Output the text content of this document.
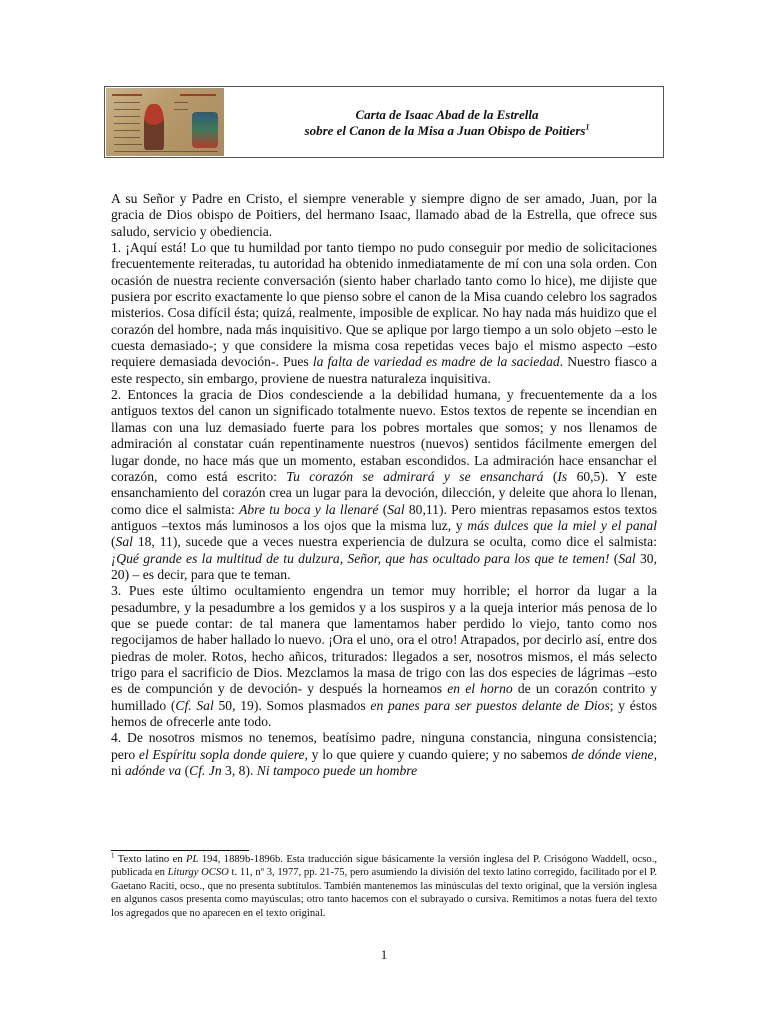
Carta de Isaac Abad de la Estrella
sobre el Canon de la Misa a Juan Obispo de Poitiers$^1$

A su Señor y Padre en Cristo, el siempre venerable y siempre digno de ser amado, Juan, por la gracia de Dios obispo de Poitiers, del hermano Isaac, llamado abad de la Estrella, que ofrece sus saludo, servicio y obediencia.

1. ¡Aquí está! Lo que tu humildad por tanto tiempo no pudo conseguir por medio de solicitaciones frecuentemente reiteradas, tu autoridad ha obtenido inmediatamente de mí con una sola orden. Con ocasión de nuestra reciente conversación (siento haber charlado tanto como lo hice), me dijiste que pusiera por escrito exactamente lo que pienso sobre el canon de la Misa cuando celebro los sagrados misterios. Cosa difícil ésta; quizá, realmente, imposible de explicar. No hay nada más huidizo que el corazón del hombre, nada más inquisitivo. Que se aplique por largo tiempo a un solo objeto –esto le cuesta demasiado-; y que considere la misma cosa repetidas veces bajo el mismo aspecto –esto requiere demasiada devoción-. Pues la falta de variedad es madre de la saciedad. Nuestro fiasco a este respecto, sin embargo, proviene de nuestra naturaleza inquisitiva.

2. Entonces la gracia de Dios condesciende a la debilidad humana, y frecuentemente da a los antiguos textos del canon un significado totalmente nuevo. Estos textos de repente se incendian en llamas con una luz demasiado fuerte para los pobres mortales que somos; y nos llenamos de admiración al constatar cuán repentinamente nuestros (nuevos) sentidos fácilmente emergen del lugar donde, no hace más que un momento, estaban escondidos. La admiración hace ensanchar el corazón, como está escrito: Tu corazón se admirará y se ensanchará (Is 60,5). Y este ensanchamiento del corazón crea un lugar para la devoción, dilección, y deleite que ahora lo llenan, como dice el salmista: Abre tu boca y la llenaré (Sal 80,11). Pero mientras repasamos estos textos antiguos –textos más luminosos a los ojos que la misma luz, y más dulces que la miel y el panal (Sal 18, 11), sucede que a veces nuestra experiencia de dulzura se oculta, como dice el salmista: ¡Qué grande es la multitud de tu dulzura, Señor, que has ocultado para los que te temen! (Sal 30, 20) – es decir, para que te teman.

3. Pues este último ocultamiento engendra un temor muy horrible; el horror da lugar a la pesadumbre, y la pesadumbre a los gemidos y a los suspiros y a la queja interior más penosa de lo que se puede contar: de tal manera que lamentamos haber perdido lo viejo, tanto como nos regocijamos de haber hallado lo nuevo. ¡Ora el uno, ora el otro! Atrapados, por decirlo así, entre dos piedras de moler. Rotos, hecho añicos, triturados: llegados a ser, nosotros mismos, el más selecto trigo para el sacrificio de Dios. Mezclamos la masa de trigo con las dos especies de lágrimas –esto es de compunción y de devoción- y después la horneamos en el horno de un corazón contrito y humillado (Cf. Sal 50, 19). Somos plasmados en panes para ser puestos delante de Dios; y éstos hemos de ofrecerle ante todo.

4. De nosotros mismos no tenemos, beatísimo padre, ninguna constancia, ninguna consistencia; pero el Espíritu sopla donde quiere, y lo que quiere y cuando quiere; y no sabemos de dónde viene, ni adónde va (Cf. Jn 3, 8). Ni tampoco puede un hombre

$^1$ Texto latino en PL 194, 1889b-1896b. Esta traducción sigue básicamente la versión inglesa del P. Crisógono Waddell, ocso., publicada en Liturgy OCSO t. 11, nº 3, 1977, pp. 21-75, pero asumiendo la división del texto latino corregido, facilitado por el P. Gaetano Raciti, ocso., que no presenta subtítulos. También mantenemos las minúsculas del texto original, que la versión inglesa en algunos casos presenta como mayúsculas; otro tanto hacemos con el subrayado o cursiva. Remitimos a notas fuera del texto los agregados que no aparecen en el texto original.
1
